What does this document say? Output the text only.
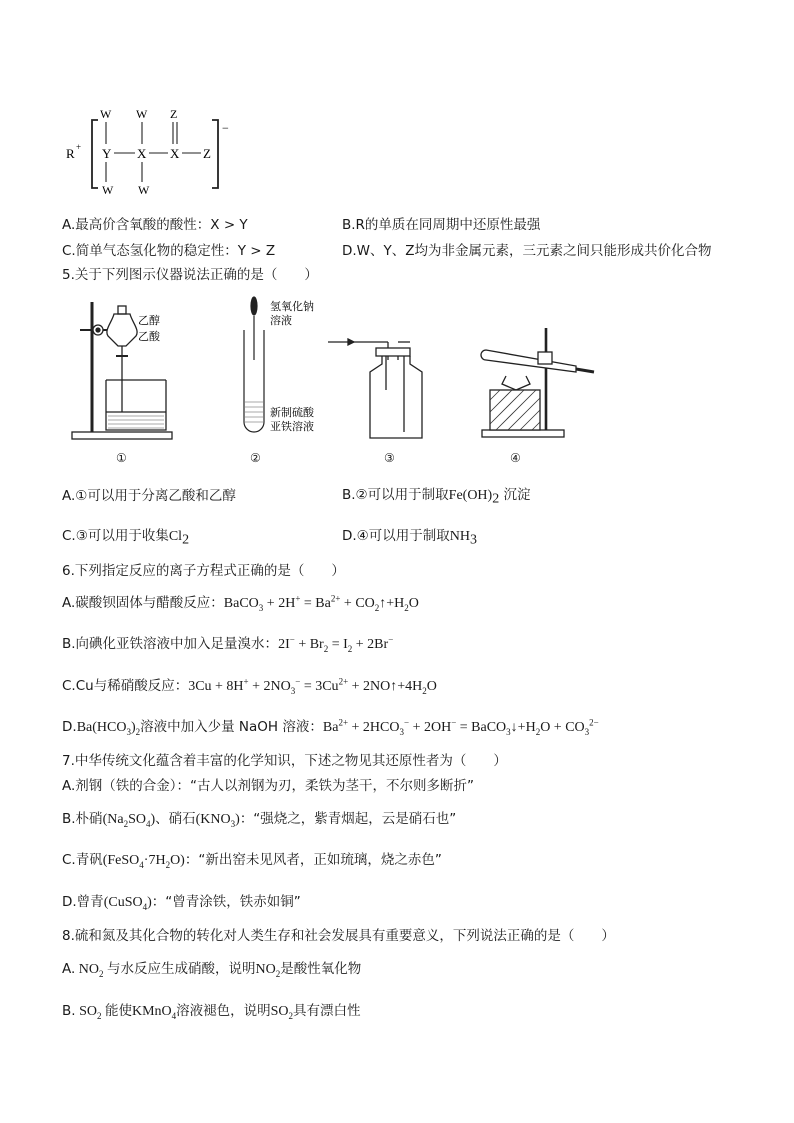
R +
−
W W Z
Y X X Z
W W
A.最高价含氧酸的酸性：X > Y	B.R的单质在同周期中还原性最强
C.简单气态氢化物的稳定性：Y > Z	D.W、Y、Z均为非金属元素，三元素之间只能形成共价化合物
5.关于下列图示仪器说法正确的是（　　）
乙醇
乙酸
氢氧化钠
溶液
新制硫酸
亚铁溶液
①	②	③	④
A.①可以用于分离乙酸和乙醇	B.②可以用于制取$Fe(OH)_2$ 沉淀
C.③可以用于收集$Cl_2$	D.④可以用于制取$NH_3$
6.下列指定反应的离子方程式正确的是（　　）
A.碳酸钡固体与醋酸反应：BaCO$_3$ + $2H^+ = Ba^{2+}$ + $CO_2↑+H_2O$
B.向碘化亚铁溶液中加入足量溴水：$2I^- + Br_2 = I_2 + 2Br^-$
C.Cu与稀硝酸反应：$3Cu + 8H^+ + 2NO_3^- = 3Cu^{2+}$ + $2NO↑+4H_2O$
$D.Ba(HCO_3)_2$溶液中加入少量 NaOH 溶液：$Ba^{2+} + 2HCO_3^- + 2OH^-$ = $BaCO_3↓+H_2O + CO_3^{2-}$
7.中华传统文化蕴含着丰富的化学知识，下述之物见其还原性者为（　　）
A.剂钢（铁的合金）：“古人以剂钢为刃，柔铁为茎干，不尔则多断折”
B.朴硝$(Na_2SO_4)$、硝石$(KNO_3)$：“强烧之，紫青烟起，云是硝石也”
C.青矾$(FeSO_4\cdot 7H_2O)$：“新出窑未见风者，正如琉璃，烧之赤色”
D.曾青(CuSO$_4$)：“曾青涂铁，铁赤如铜”
8.硫和氮及其化合物的转化对人类生存和社会发展具有重要意义，下列说法正确的是（　　）
A. $NO_2$ 与水反应生成硝酸，说明$NO_2$是酸性氧化物
B. $SO_2$ 能使KMnO$_4$溶液褪色，说明$SO_2$具有漂白性
